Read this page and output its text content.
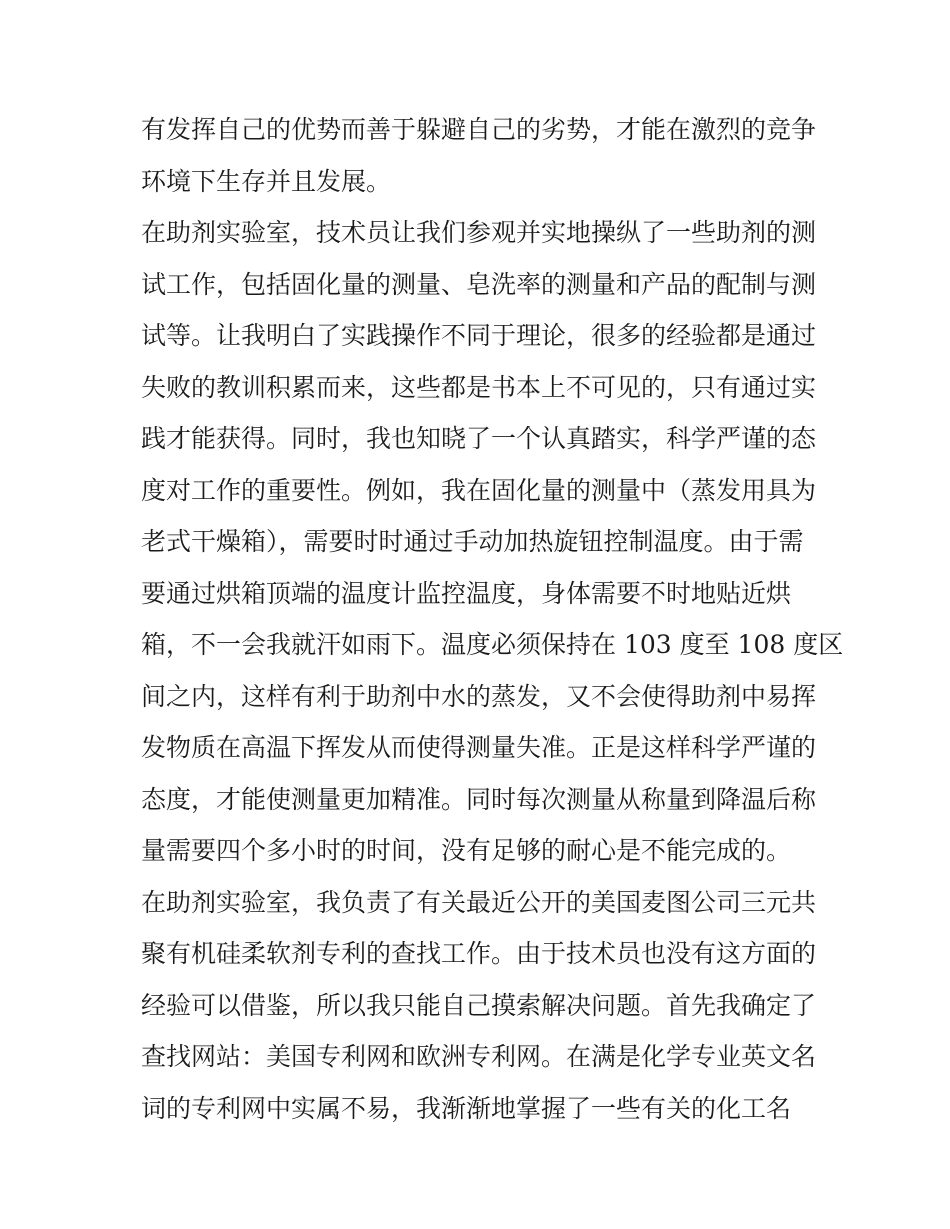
有发挥自己的优势而善于躲避自己的劣势，才能在激烈的竞争
环境下生存并且发展。
在助剂实验室，技术员让我们参观并实地操纵了一些助剂的测
试工作，包括固化量的测量、皂洗率的测量和产品的配制与测
试等。让我明白了实践操作不同于理论，很多的经验都是通过
失败的教训积累而来，这些都是书本上不可见的，只有通过实
践才能获得。同时，我也知晓了一个认真踏实，科学严谨的态
度对工作的重要性。例如，我在固化量的测量中（蒸发用具为
老式干燥箱），需要时时通过手动加热旋钮控制温度。由于需
要通过烘箱顶端的温度计监控温度，身体需要不时地贴近烘
箱，不一会我就汗如雨下。温度必须保持在 103 度至 108 度区
间之内，这样有利于助剂中水的蒸发，又不会使得助剂中易挥
发物质在高温下挥发从而使得测量失准。正是这样科学严谨的
态度，才能使测量更加精准。同时每次测量从称量到降温后称
量需要四个多小时的时间，没有足够的耐心是不能完成的。
在助剂实验室，我负责了有关最近公开的美国麦图公司三元共
聚有机硅柔软剂专利的查找工作。由于技术员也没有这方面的
经验可以借鉴，所以我只能自己摸索解决问题。首先我确定了
查找网站：美国专利网和欧洲专利网。在满是化学专业英文名
词的专利网中实属不易，我渐渐地掌握了一些有关的化工名
